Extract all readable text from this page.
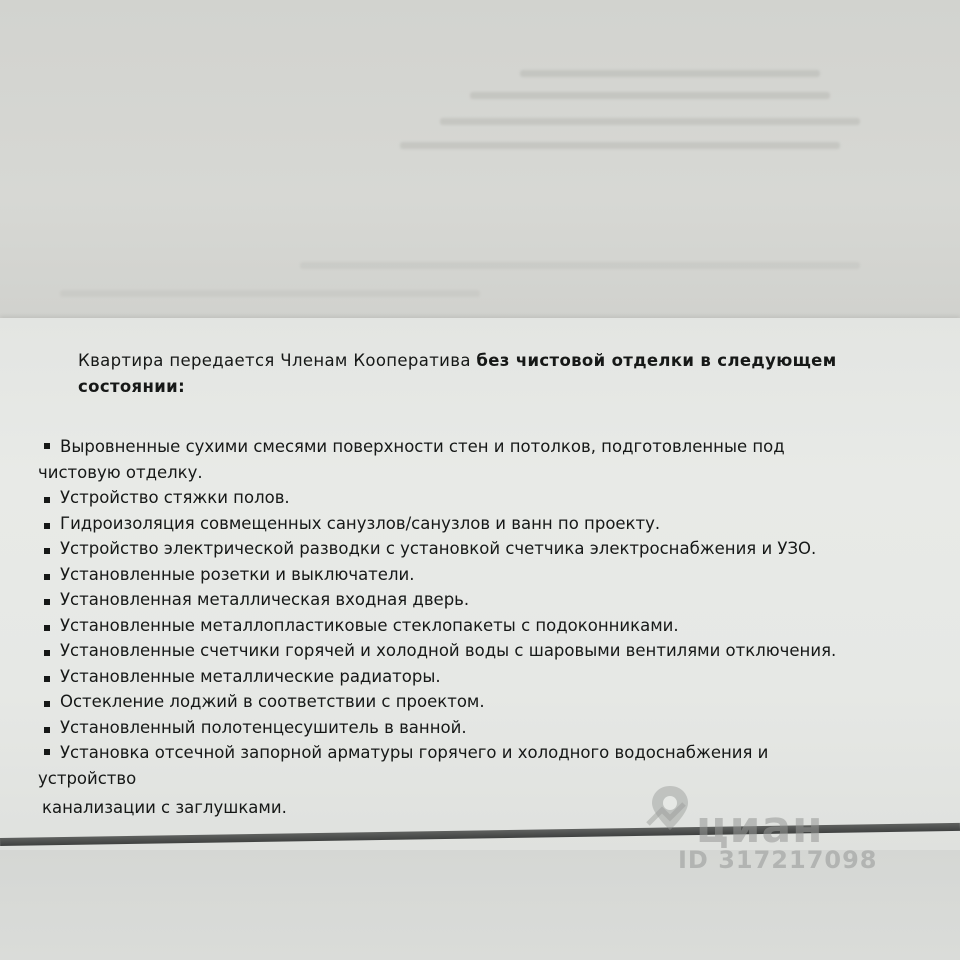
Квартира передается Членам Кооператива без чистовой отделки в следующем
состоянии:
Выровненные сухими смесями поверхности стен и потолков, подготовленные под
чистовую отделку.
Устройство стяжки полов.
Гидроизоляция совмещенных санузлов/санузлов и ванн по проекту.
Устройство электрической разводки с установкой счетчика электроснабжения и УЗО.
Установленные розетки и выключатели.
Установленная металлическая входная дверь.
Установленные металлопластиковые стеклопакеты с подоконниками.
Установленные счетчики горячей и холодной воды с шаровыми вентилями отключения.
Установленные металлические радиаторы.
Остекление лоджий в соответствии с проектом.
Установленный полотенцесушитель в ванной.
Установка отсечной запорной арматуры горячего и холодного водоснабжения и
устройство
канализации с заглушками.	циан
ID 317217098
